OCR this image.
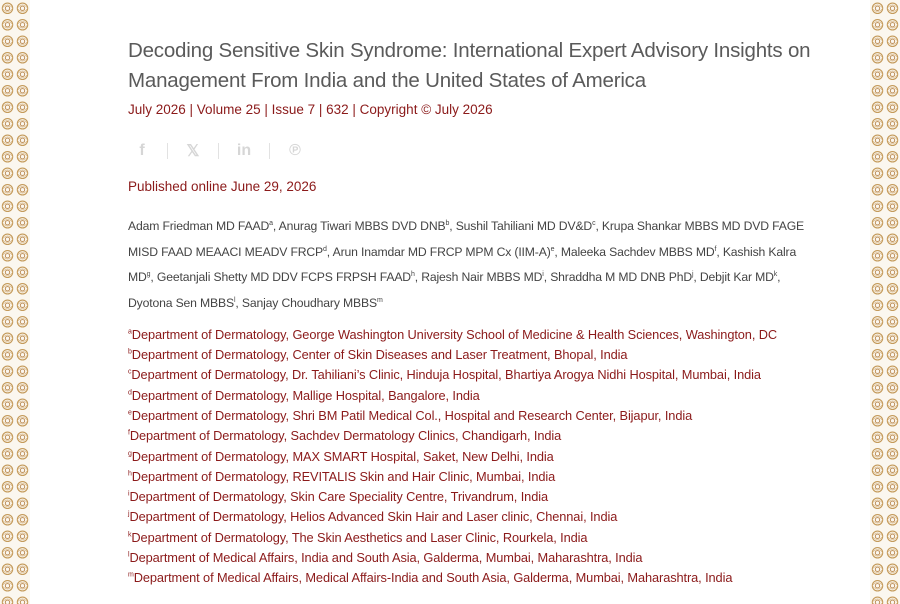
Decoding Sensitive Skin Syndrome: International Expert Advisory Insights on Management From India and the United States of America
July 2026 | Volume 25 | Issue 7 | 632 | Copyright © July 2026
f	𝕏	in	℗
Published online June 29, 2026
Adam Friedman MD FAAD$^a$, Anurag Tiwari MBBS DVD DNB$^b$, Sushil Tahiliani MD $DV\&D^c$, Krupa Shankar MBBS MD DVD FAGE MISD FAAD MEAACI MEADV FRCP$^d$, Arun Inamdar MD FRCP MPM Cx $(IIM-A)^e$, Maleeka Sachdev MBBS $MD^f$, Kashish Kalra $MD^g$, Geetanjali Shetty MD DDV FCPS FRPSH FAAD$^h$, Rajesh Nair MBBS $MD^i$, Shraddha M MD DNB PhD$^j$, Debjit Kar $MD^k$, Dyotona Sen MBBS$^l$, Sanjay Choudhary MBBS$^m$
$^a$Department of Dermatology, George Washington University School of Medicine & Health Sciences, Washington, DC
$^b$Department of Dermatology, Center of Skin Diseases and Laser Treatment, Bhopal, India
$^c$Department of Dermatology, Dr. Tahiliani’s Clinic, Hinduja Hospital, Bhartiya Arogya Nidhi Hospital, Mumbai, India
$^d$Department of Dermatology, Mallige Hospital, Bangalore, India
$^e$Department of Dermatology, Shri BM Patil Medical Col., Hospital and Research Center, Bijapur, India
$^f$Department of Dermatology, Sachdev Dermatology Clinics, Chandigarh, India
$^g$Department of Dermatology, MAX SMART Hospital, Saket, New Delhi, India
$^h$Department of Dermatology, REVITALIS Skin and Hair Clinic, Mumbai, India
$^i$Department of Dermatology, Skin Care Speciality Centre, Trivandrum, India
$^j$Department of Dermatology, Helios Advanced Skin Hair and Laser clinic, Chennai, India
$^k$Department of Dermatology, The Skin Aesthetics and Laser Clinic, Rourkela, India
$^l$Department of Medical Affairs, India and South Asia, Galderma, Mumbai, Maharashtra, India
$^m$Department of Medical Affairs, Medical Affairs-India and South Asia, Galderma, Mumbai, Maharashtra, India
